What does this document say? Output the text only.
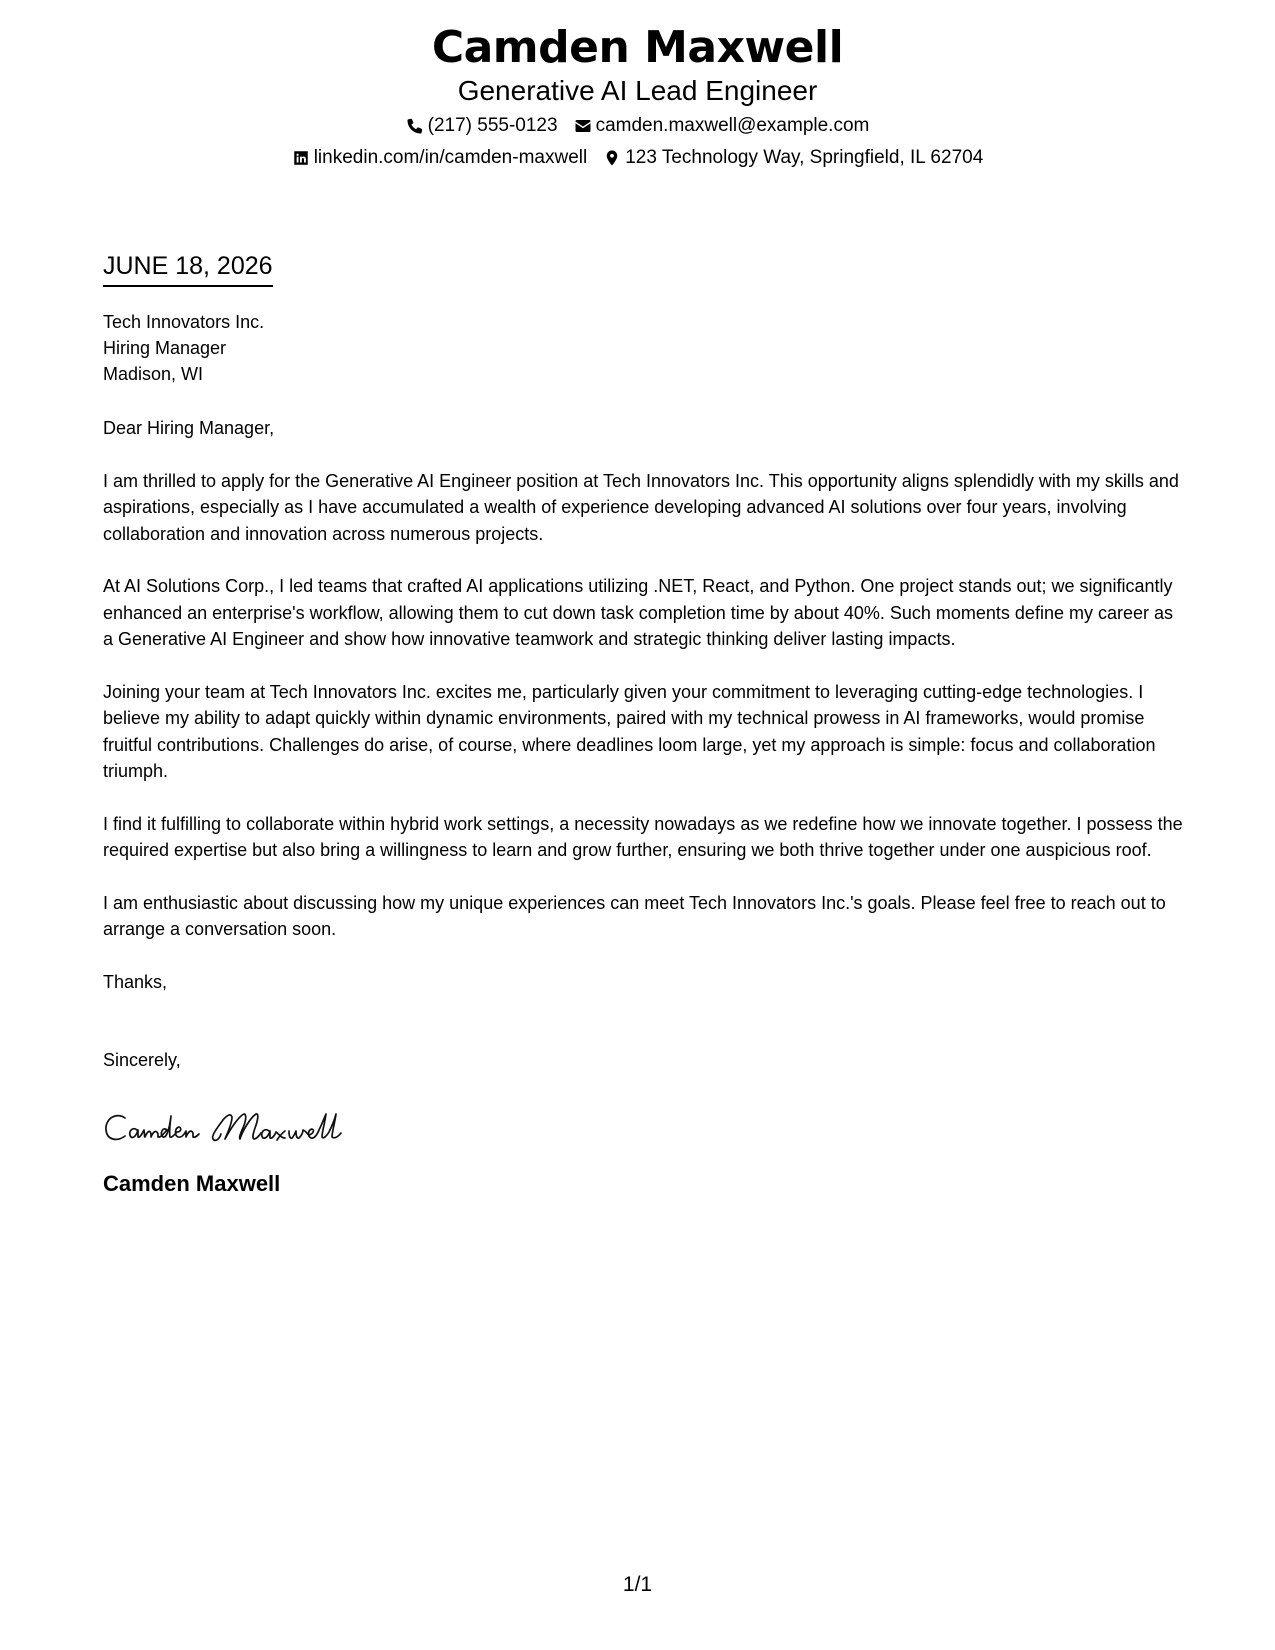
Camden Maxwell
Generative AI Lead Engineer
(217) 555-0123 camden.maxwell@example.com
linkedin.com/in/camden-maxwell 123 Technology Way, Springfield, IL 62704
JUNE 18, 2026
Tech Innovators Inc.
Hiring Manager
Madison, WI
Dear Hiring Manager,
I am thrilled to apply for the Generative AI Engineer position at Tech Innovators Inc. This opportunity aligns splendidly with my skills and aspirations, especially as I have accumulated a wealth of experience developing advanced AI solutions over four years, involving collaboration and innovation across numerous projects.
At AI Solutions Corp., I led teams that crafted AI applications utilizing .NET, React, and Python. One project stands out; we significantly enhanced an enterprise's workflow, allowing them to cut down task completion time by about 40%. Such moments define my career as a Generative AI Engineer and show how innovative teamwork and strategic thinking deliver lasting impacts.
Joining your team at Tech Innovators Inc. excites me, particularly given your commitment to leveraging cutting-edge technologies. I believe my ability to adapt quickly within dynamic environments, paired with my technical prowess in AI frameworks, would promise fruitful contributions. Challenges do arise, of course, where deadlines loom large, yet my approach is simple: focus and collaboration triumph.
I find it fulfilling to collaborate within hybrid work settings, a necessity nowadays as we redefine how we innovate together. I possess the required expertise but also bring a willingness to learn and grow further, ensuring we both thrive together under one auspicious roof.
I am enthusiastic about discussing how my unique experiences can meet Tech Innovators Inc.'s goals. Please feel free to reach out to arrange a conversation soon.
Thanks,
Sincerely,
Camden Maxwell
1/1
